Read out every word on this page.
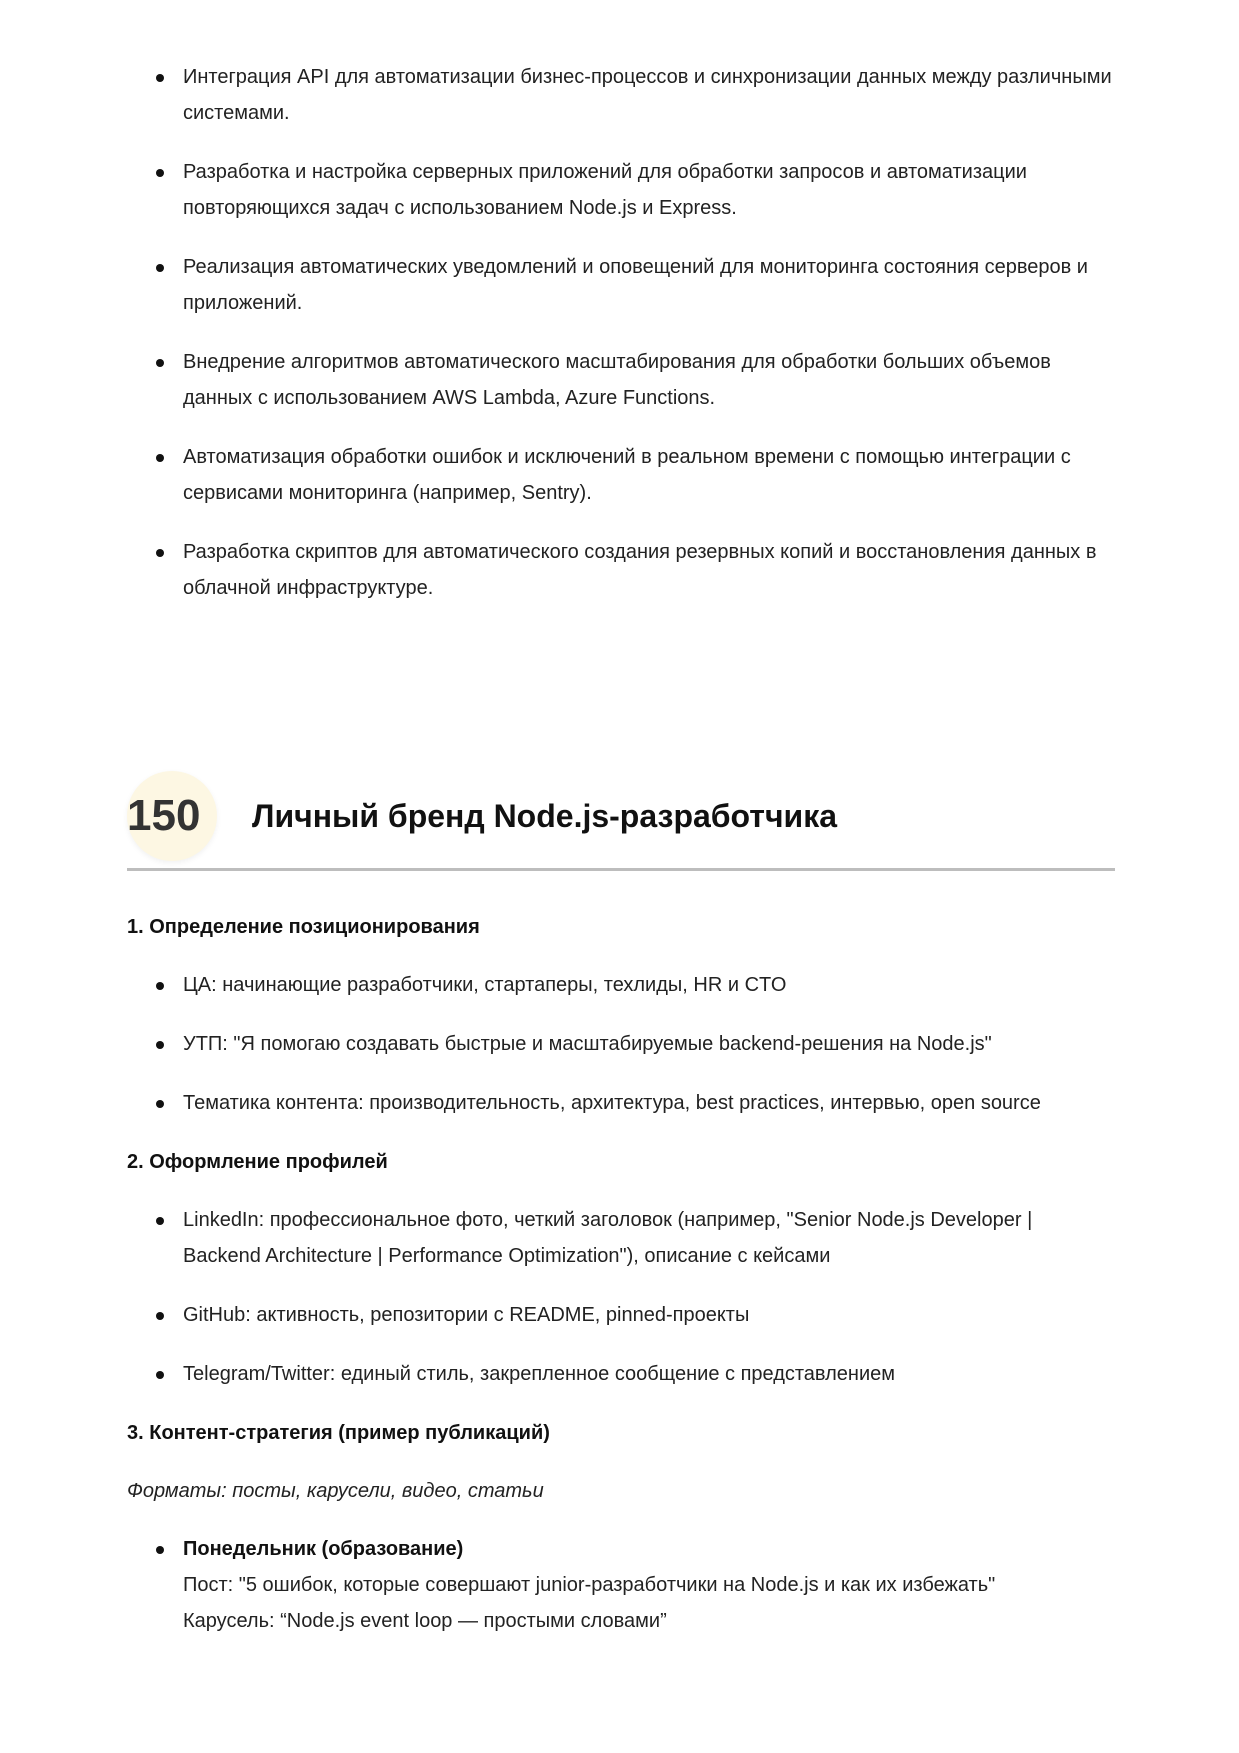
Интеграция API для автоматизации бизнес-процессов и синхронизации данных между различными системами.
Разработка и настройка серверных приложений для обработки запросов и автоматизации повторяющихся задач с использованием Node.js и Express.
Реализация автоматических уведомлений и оповещений для мониторинга состояния серверов и приложений.
Внедрение алгоритмов автоматического масштабирования для обработки больших объемов данных с использованием AWS Lambda, Azure Functions.
Автоматизация обработки ошибок и исключений в реальном времени с помощью интеграции с сервисами мониторинга (например, Sentry).
Разработка скриптов для автоматического создания резервных копий и восстановления данных в облачной инфраструктуре.
150	Личный бренд Node.js-разработчика
1. Определение позиционирования
ЦА: начинающие разработчики, стартаперы, техлиды, HR и CTO
УТП: "Я помогаю создавать быстрые и масштабируемые backend-решения на Node.js"
Тематика контента: производительность, архитектура, best practices, интервью, open source
2. Оформление профилей
LinkedIn: профессиональное фото, четкий заголовок (например, "Senior Node.js Developer | Backend Architecture | Performance Optimization"), описание с кейсами
GitHub: активность, репозитории с README, pinned-проекты
Telegram/Twitter: единый стиль, закрепленное сообщение с представлением
3. Контент-стратегия (пример публикаций)
Форматы: посты, карусели, видео, статьи
Понедельник (образование)
Пост: "5 ошибок, которые совершают junior-разработчики на Node.js и как их избежать"
Карусель: “Node.js event loop — простыми словами”
